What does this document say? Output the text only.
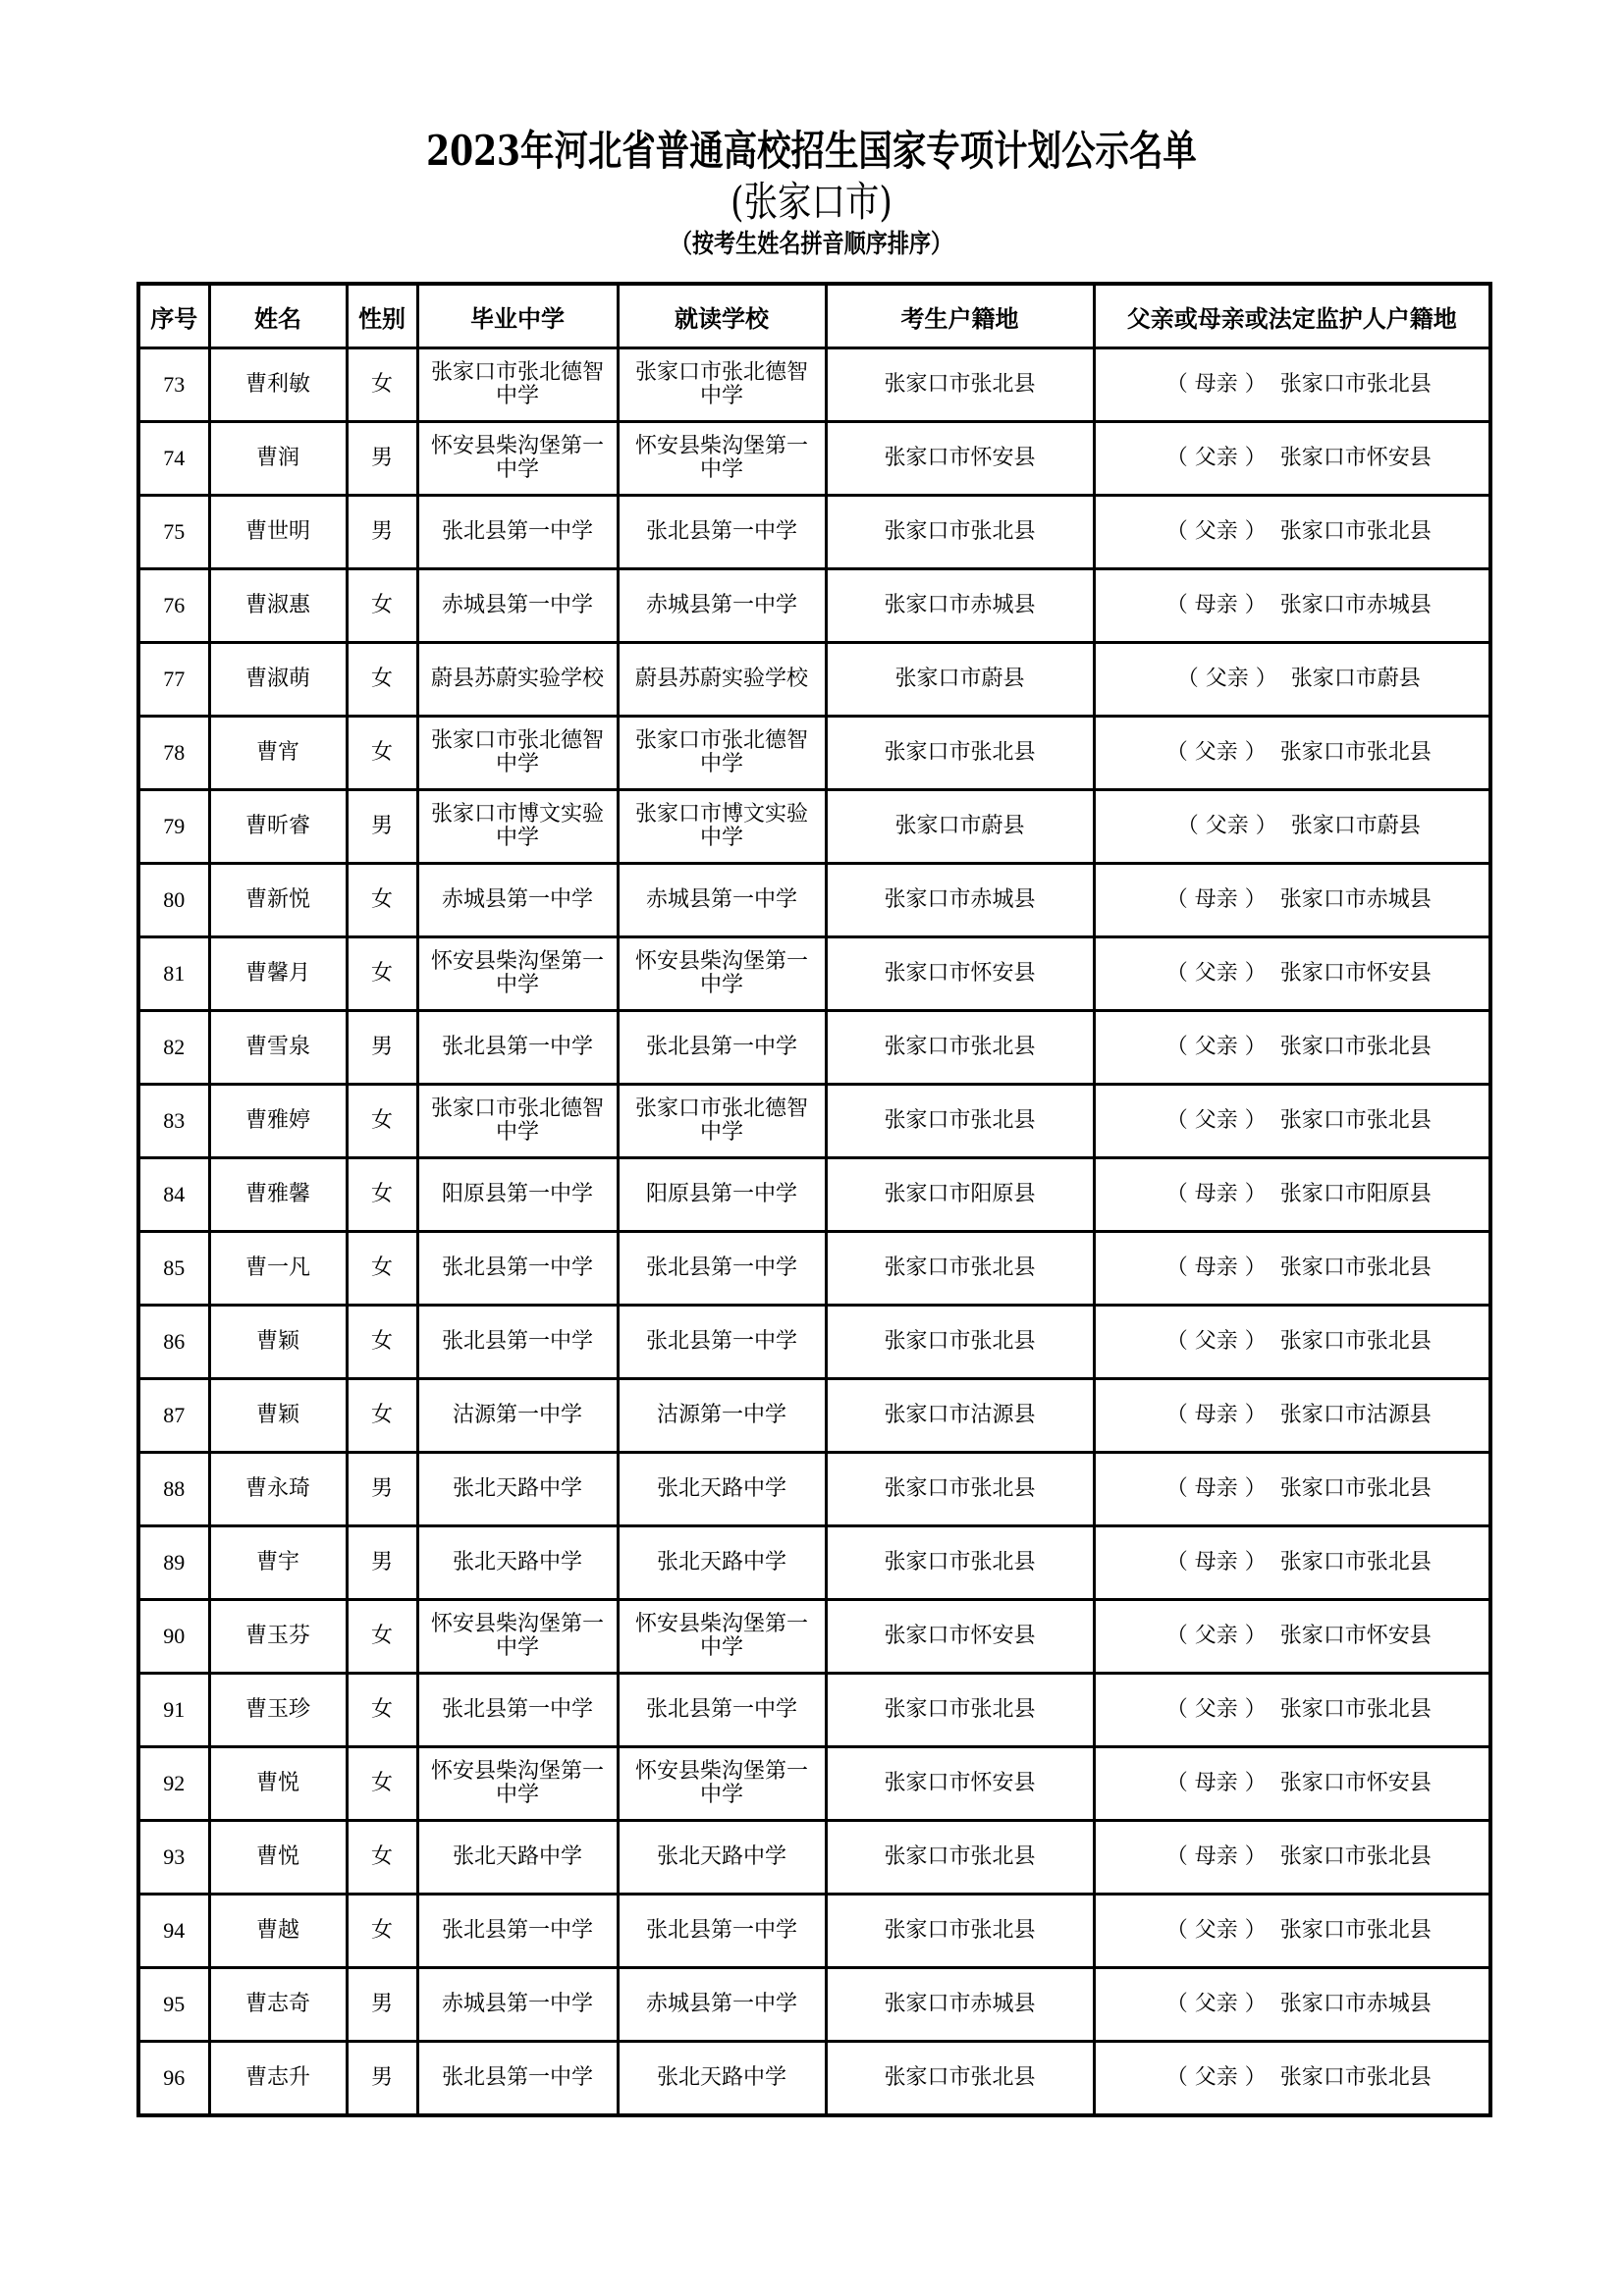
2023年河北省普通高校招生国家专项计划公示名单
(张家口市)
（按考生姓名拼音顺序排序）
序号	姓名	性别	毕业中学	就读学校	考生户籍地	父亲或母亲或法定监护人户籍地
73	曹利敏	女	张家口市张北德智中学	张家口市张北德智中学	张家口市张北县	（ 母亲 ） 张家口市张北县
74	曹润	男	怀安县柴沟堡第一中学	怀安县柴沟堡第一中学	张家口市怀安县	（ 父亲 ） 张家口市怀安县
75	曹世明	男	张北县第一中学	张北县第一中学	张家口市张北县	（ 父亲 ） 张家口市张北县
76	曹淑惠	女	赤城县第一中学	赤城县第一中学	张家口市赤城县	（ 母亲 ） 张家口市赤城县
77	曹淑萌	女	蔚县苏蔚实验学校	蔚县苏蔚实验学校	张家口市蔚县	（ 父亲 ） 张家口市蔚县
78	曹宵	女	张家口市张北德智中学	张家口市张北德智中学	张家口市张北县	（ 父亲 ） 张家口市张北县
79	曹昕睿	男	张家口市博文实验中学	张家口市博文实验中学	张家口市蔚县	（ 父亲 ） 张家口市蔚县
80	曹新悦	女	赤城县第一中学	赤城县第一中学	张家口市赤城县	（ 母亲 ） 张家口市赤城县
81	曹馨月	女	怀安县柴沟堡第一中学	怀安县柴沟堡第一中学	张家口市怀安县	（ 父亲 ） 张家口市怀安县
82	曹雪泉	男	张北县第一中学	张北县第一中学	张家口市张北县	（ 父亲 ） 张家口市张北县
83	曹雅婷	女	张家口市张北德智中学	张家口市张北德智中学	张家口市张北县	（ 父亲 ） 张家口市张北县
84	曹雅馨	女	阳原县第一中学	阳原县第一中学	张家口市阳原县	（ 母亲 ） 张家口市阳原县
85	曹一凡	女	张北县第一中学	张北县第一中学	张家口市张北县	（ 母亲 ） 张家口市张北县
86	曹颖	女	张北县第一中学	张北县第一中学	张家口市张北县	（ 父亲 ） 张家口市张北县
87	曹颖	女	沽源第一中学	沽源第一中学	张家口市沽源县	（ 母亲 ） 张家口市沽源县
88	曹永琦	男	张北天路中学	张北天路中学	张家口市张北县	（ 母亲 ） 张家口市张北县
89	曹宇	男	张北天路中学	张北天路中学	张家口市张北县	（ 母亲 ） 张家口市张北县
90	曹玉芬	女	怀安县柴沟堡第一中学	怀安县柴沟堡第一中学	张家口市怀安县	（ 父亲 ） 张家口市怀安县
91	曹玉珍	女	张北县第一中学	张北县第一中学	张家口市张北县	（ 父亲 ） 张家口市张北县
92	曹悦	女	怀安县柴沟堡第一中学	怀安县柴沟堡第一中学	张家口市怀安县	（ 母亲 ） 张家口市怀安县
93	曹悦	女	张北天路中学	张北天路中学	张家口市张北县	（ 母亲 ） 张家口市张北县
94	曹越	女	张北县第一中学	张北县第一中学	张家口市张北县	（ 父亲 ） 张家口市张北县
95	曹志奇	男	赤城县第一中学	赤城县第一中学	张家口市赤城县	（ 父亲 ） 张家口市赤城县
96	曹志升	男	张北县第一中学	张北天路中学	张家口市张北县	（ 父亲 ） 张家口市张北县
